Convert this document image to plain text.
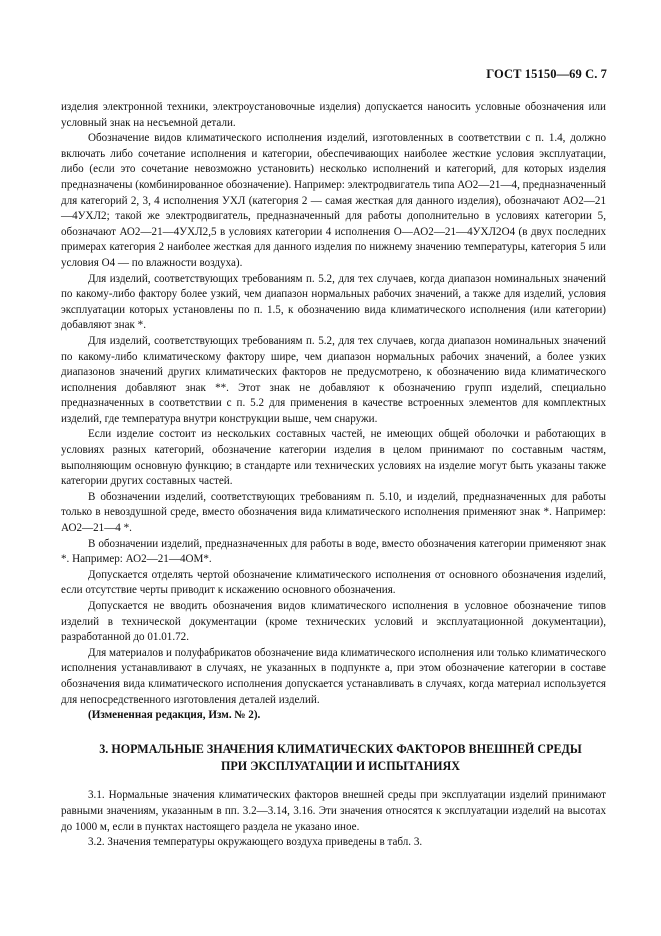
ГОСТ 15150—69 С. 7

изделия электронной техники, электроустановочные изделия) допускается наносить условные обозначения или условный знак на несъемной детали.

Обозначение видов климатического исполнения изделий, изготовленных в соответствии с п. 1.4, должно включать либо сочетание исполнения и категории, обеспечивающих наиболее жесткие условия эксплуатации, либо (если это сочетание невозможно установить) несколько исполнений и категорий, для которых изделия предназначены (комбинированное обозначение). Например: электродвигатель типа АО2—21—4, предназначенный для категорий 2, 3, 4 исполнения УХЛ (категория 2 — самая жесткая для данного изделия), обозначают АО2—21—4УХЛ2; такой же электродвигатель, предназначенный для работы дополнительно в условиях категории 5, обозначают АО2—21—4УХЛ2,5 в условиях категории 4 исполнения О—АО2—21—4УХЛ2О4 (в двух последних примерах категория 2 наиболее жесткая для данного изделия по нижнему значению температуры, категория 5 или условия О4 — по влажности воздуха).

Для изделий, соответствующих требованиям п. 5.2, для тех случаев, когда диапазон номинальных значений по какому-либо фактору более узкий, чем диапазон нормальных рабочих значений, а также для изделий, условия эксплуатации которых установлены по п. 1.5, к обозначению вида климатического исполнения (или категории) добавляют знак *.

Для изделий, соответствующих требованиям п. 5.2, для тех случаев, когда диапазон номинальных значений по какому-либо климатическому фактору шире, чем диапазон нормальных рабочих значений, а более узких диапазонов значений других климатических факторов не предусмотрено, к обозначению вида климатического исполнения добавляют знак **. Этот знак не добавляют к обозначению групп изделий, специально предназначенных в соответствии с п. 5.2 для применения в качестве встроенных элементов для комплектных изделий, где температура внутри конструкции выше, чем снаружи.

Если изделие состоит из нескольких составных частей, не имеющих общей оболочки и работающих в условиях разных категорий, обозначение категории изделия в целом принимают по составным частям, выполняющим основную функцию; в стандарте или технических условиях на изделие могут быть указаны также категории других составных частей.

В обозначении изделий, соответствующих требованиям п. 5.10, и изделий, предназначенных для работы только в невоздушной среде, вместо обозначения вида климатического исполнения применяют знак *. Например: АО2—21—4 *.

В обозначении изделий, предназначенных для работы в воде, вместо обозначения категории применяют знак *. Например: АО2—21—4ОМ*.

Допускается отделять чертой обозначение климатического исполнения от основного обозначения изделий, если отсутствие черты приводит к искажению основного обозначения.

Допускается не вводить обозначения видов климатического исполнения в условное обозначение типов изделий в технической документации (кроме технических условий и эксплуатационной документации), разработанной до 01.01.72.

Для материалов и полуфабрикатов обозначение вида климатического исполнения или только климатического исполнения устанавливают в случаях, не указанных в подпункте а, при этом обозначение категории в составе обозначения вида климатического исполнения допускается устанавливать в случаях, когда материал используется для непосредственного изготовления деталей изделий.

(Измененная редакция, Изм. № 2).

3. НОРМАЛЬНЫЕ ЗНАЧЕНИЯ КЛИМАТИЧЕСКИХ ФАКТОРОВ ВНЕШНЕЙ СРЕДЫ
ПРИ ЭКСПЛУАТАЦИИ И ИСПЫТАНИЯХ

3.1. Нормальные значения климатических факторов внешней среды при эксплуатации изделий принимают равными значениям, указанным в пп. 3.2—3.14, 3.16. Эти значения относятся к эксплуатации изделий на высотах до 1000 м, если в пунктах настоящего раздела не указано иное.

3.2. Значения температуры окружающего воздуха приведены в табл. 3.
